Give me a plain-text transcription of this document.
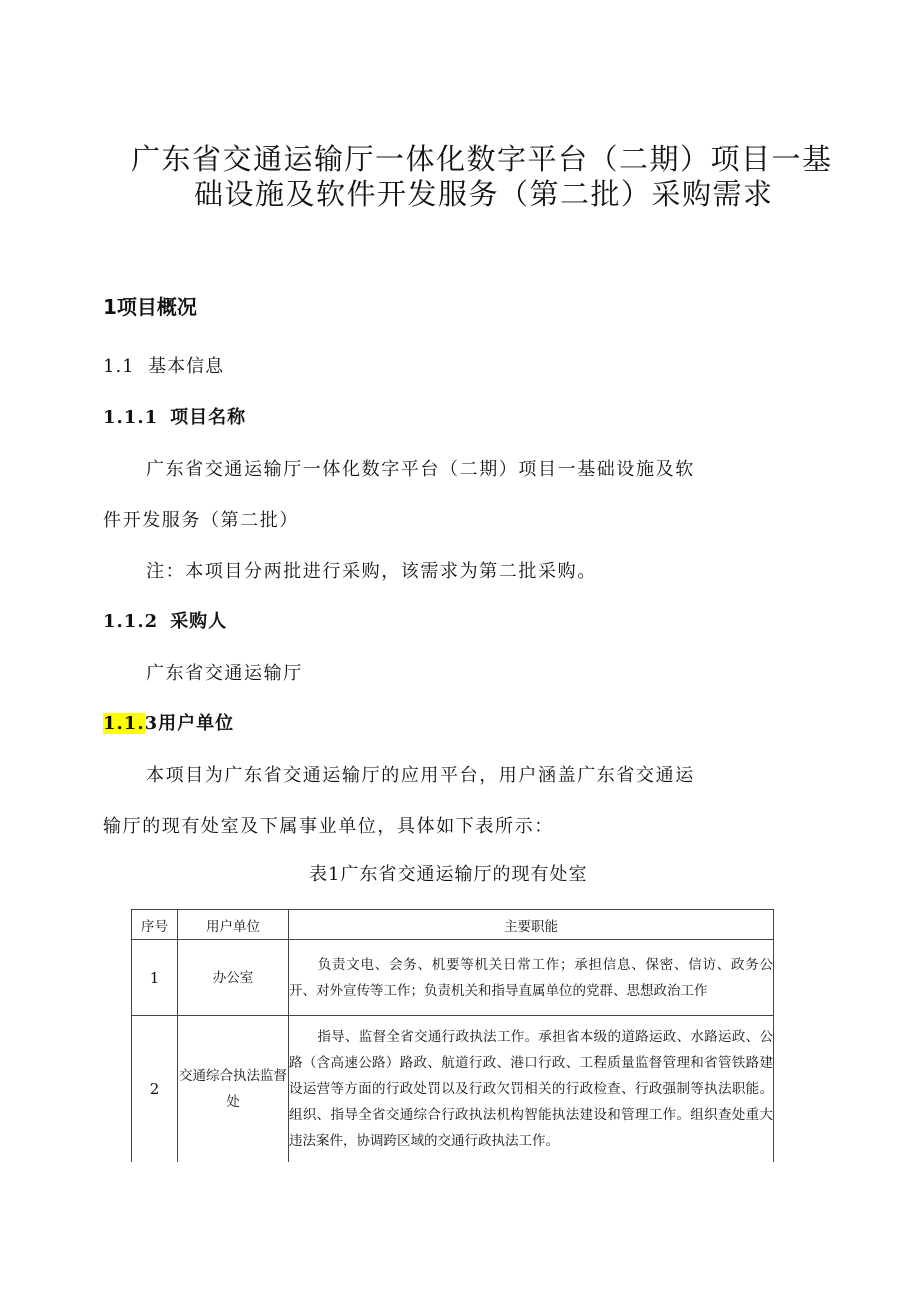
广东省交通运输厅一体化数字平台（二期）项目一基
础设施及软件开发服务（第二批）采购需求
1项目概况
1.1 基本信息
1.1.1 项目名称
广东省交通运输厅一体化数字平台（二期）项目一基础设施及软
件开发服务（第二批）
注：本项目分两批进行采购，该需求为第二批采购。
1.1.2 采购人
广东省交通运输厅
1.1.3用户单位
本项目为广东省交通运输厅的应用平台，用户涵盖广东省交通运
输厅的现有处室及下属事业单位，具体如下表所示：
表1广东省交通运输厅的现有处室
序号	用户单位	主要职能
1	办公室	负责文电、会务、机要等机关日常工作；承担信息、保密、信访、政务公开、对外宣传等工作；负责机关和指导直属单位的党群、思想政治工作
2	交通综合执法监督处	指导、监督全省交通行政执法工作。承担省本级的道路运政、水路运政、公路（含高速公路）路政、航道行政、港口行政、工程质量监督管理和省管铁路建设运营等方面的行政处罚以及行政欠罚相关的行政检查、行政强制等执法职能。组织、指导全省交通综合行政执法机构智能执法建设和管理工作。组织查处重大违法案件，协调跨区域的交通行政执法工作。
